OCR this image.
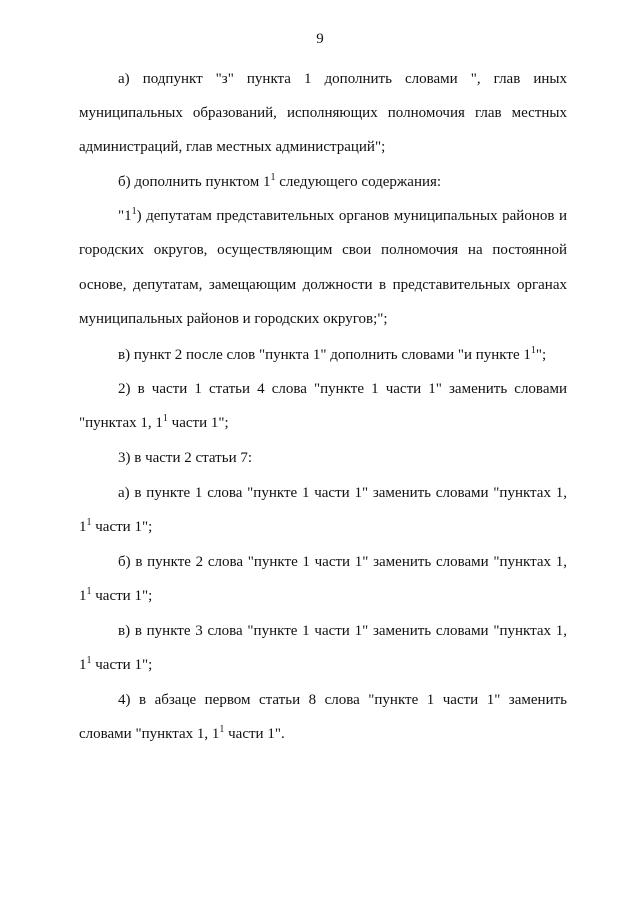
9

а) подпункт "з" пункта 1 дополнить словами ", глав иных

муниципальных образований, исполняющих полномочия глав местных

администраций, глав местных администраций";

б) дополнить пунктом $1^1$ следующего содержания:

"$1^1$) депутатам представительных органов муниципальных районов и

городских округов, осуществляющим свои полномочия на постоянной

основе, депутатам, замещающим должности в представительных органах

муниципальных районов и городских округов;";

в) пункт 2 после слов "пункта 1" дополнить словами "и пункте $1^1$";

2) в части 1 статьи 4 слова "пункте 1 части 1" заменить словами

"пунктах 1, $1^1$ части 1";

3) в части 2 статьи 7:

а) в пункте 1 слова "пункте 1 части 1" заменить словами "пунктах 1,

$1^1$ части 1";

б) в пункте 2 слова "пункте 1 части 1" заменить словами "пунктах 1,

$1^1$ части 1";

в) в пункте 3 слова "пункте 1 части 1" заменить словами "пунктах 1,

$1^1$ части 1";

4) в абзаце первом статьи 8 слова "пункте 1 части 1" заменить

словами "пунктах 1, $1^1$ части 1".
